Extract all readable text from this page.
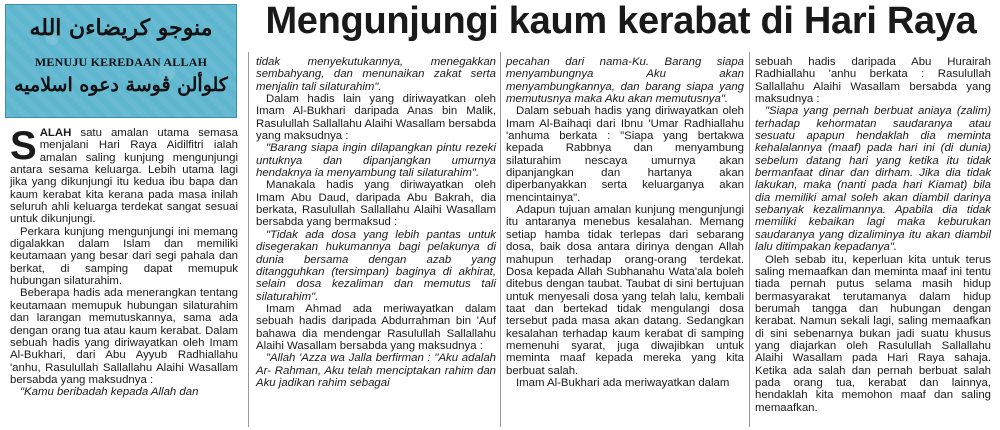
منوجو كريضاءن الله
MENUJU KEREDAAN ALLAH
كلوألن ڤوسة دعوه اسلاميه
Mengunjungi kaum kerabat di Hari Raya

SALAH satu amalan utama semasa menjalani Hari Raya Aidilfitri ialah amalan saling kunjung mengunjungi antara sesama keluarga. Lebih utama lagi jika yang dikunjungi itu kedua ibu bapa dan kaum kerabat kita kerana pada masa inilah seluruh ahli keluarga terdekat sangat sesuai untuk dikunjungi.

Perkara kunjung mengunjungi ini memang digalakkan dalam Islam dan memiliki keutamaan yang besar dari segi pahala dan berkat, di samping dapat memupuk hubungan silaturahim.

Beberapa hadis ada menerangkan tentang keutamaan memupuk hubungan silaturahim dan larangan memutuskannya, sama ada dengan orang tua atau kaum kerabat. Dalam sebuah hadis yang diriwayatkan oleh Imam Al-Bukhari, dari Abu Ayyub Radhiallahu 'anhu, Rasulullah Sallallahu Alaihi Wasallam bersabda yang maksudnya :

"Kamu beribadah kepada Allah dan

tidak menyekutukannya, menegakkan sembahyang, dan menunaikan zakat serta menjalin tali silaturahim".

Dalam hadis lain yang diriwayatkan oleh Imam Al-Bukhari daripada Anas bin Malik, Rasulullah Sallallahu Alaihi Wasallam bersabda yang maksudnya :

"Barang siapa ingin dilapangkan pintu rezeki untuknya dan dipanjangkan umurnya hendaknya ia menyambung tali silaturahim".

Manakala hadis yang diriwayatkan oleh Imam Abu Daud, daripada Abu Bakrah, dia berkata, Rasulullah Sallallahu Alaihi Wasallam bersabda yang bermaksud :

"Tidak ada dosa yang lebih pantas untuk disegerakan hukumannya bagi pelakunya di dunia bersama dengan azab yang ditangguhkan (tersimpan) baginya di akhirat, selain dosa kezaliman dan memutus tali silaturahim".

Imam Ahmad ada meriwayatkan dalam sebuah hadis daripada Abdurrahman bin 'Auf bahawa dia mendengar Rasulullah Sallallahu Alaihi Wasallam bersabda yang maksudnya :

"Allah 'Azza wa Jalla berfirman : "Aku adalah Ar- Rahman, Aku telah menciptakan rahim dan Aku jadikan rahim sebagai

pecahan dari nama-Ku. Barang siapa menyambungnya Aku akan menyambungkannya, dan barang siapa yang memutusnya maka Aku akan memutusnya".

Dalam sebuah hadis yang diriwayatkan oleh Imam Al-Baihaqi dari Ibnu 'Umar Radhiallahu 'anhuma berkata : "Siapa yang bertakwa kepada Rabbnya dan menyambung silaturahim nescaya umurnya akan dipanjangkan dan hartanya akan diperbanyakkan serta keluarganya akan mencintainya".

Adapun tujuan amalan kunjung mengunjungi itu antaranya menebus kesalahan. Memang setiap hamba tidak terlepas dari sebarang dosa, baik dosa antara dirinya dengan Allah mahupun terhadap orang-orang terdekat. Dosa kepada Allah Subhanahu Wata'ala boleh ditebus dengan taubat. Taubat di sini bertujuan untuk menyesali dosa yang telah lalu, kembali taat dan bertekad tidak mengulangi dosa tersebut pada masa akan datang. Sedangkan kesalahan terhadap kaum kerabat di samping memenuhi syarat, juga diwajibkan untuk meminta maaf kepada mereka yang kita berbuat salah.

Imam Al-Bukhari ada meriwayatkan dalam

sebuah hadis daripada Abu Hurairah Radhiallahu 'anhu berkata : Rasulullah Sallallahu Alaihi Wasallam bersabda yang maksudnya :

"Siapa yang pernah berbuat aniaya (zalim) terhadap kehormatan saudaranya atau sesuatu apapun hendaklah dia meminta kehalalannya (maaf) pada hari ini (di dunia) sebelum datang hari yang ketika itu tidak bermanfaat dinar dan dirham. Jika dia tidak lakukan, maka (nanti pada hari Kiamat) bila dia memiliki amal soleh akan diambil darinya sebanyak kezalimannya. Apabila dia tidak memiliki kebaikan lagi maka keburukan saudaranya yang dizaliminya itu akan diambil lalu ditimpakan kepadanya".

Oleh sebab itu, keperluan kita untuk terus saling memaafkan dan meminta maaf ini tentu tiada pernah putus selama masih hidup bermasyarakat terutamanya dalam hidup berumah tangga dan hubungan dengan kerabat. Namun sekali lagi, saling memaafkan di sini sebenarnya bukan jadi suatu khusus yang diajarkan oleh Rasulullah Sallallahu Alaihi Wasallam pada Hari Raya sahaja. Ketika ada salah dan pernah berbuat salah pada orang tua, kerabat dan lainnya, hendaklah kita memohon maaf dan saling memaafkan.
